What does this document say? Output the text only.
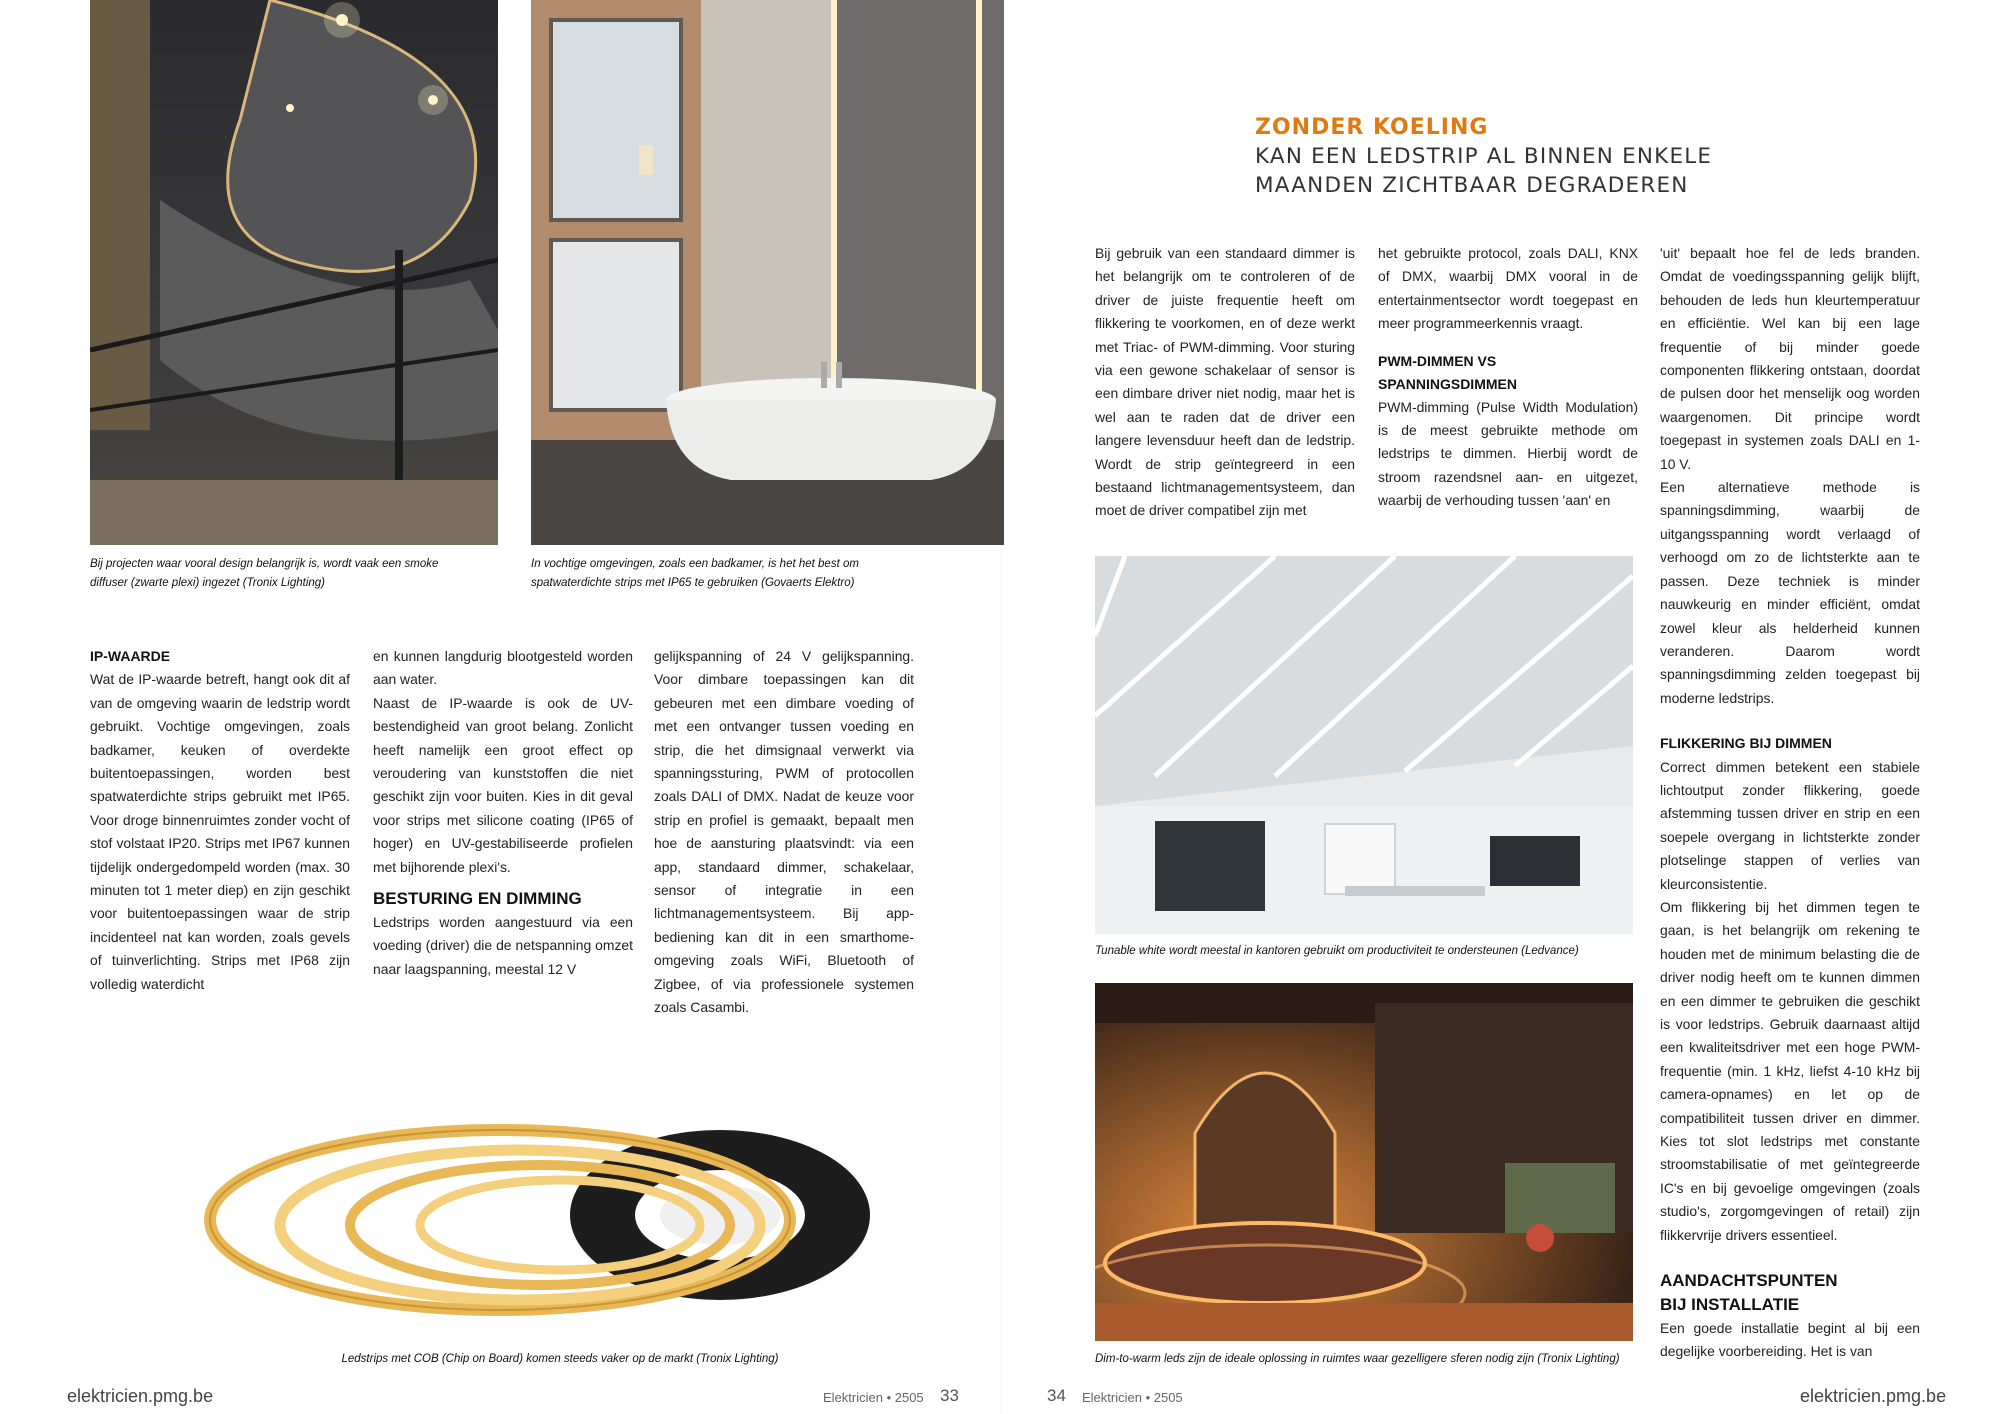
Bij projecten waar vooral design belangrijk is, wordt vaak een smoke diffuser (zwarte plexi) ingezet (Tronix Lighting)
In vochtige omgevingen, zoals een badkamer, is het het best om spatwaterdichte strips met IP65 te gebruiken (Govaerts Elektro)

IP-WAARDE

Wat de IP-waarde betreft, hangt ook dit af van de omgeving waarin de ledstrip wordt gebruikt. Vochtige omgevingen, zoals badkamer, keuken of overdekte buitentoepassingen, worden best spatwaterdichte strips gebruikt met IP65. Voor droge binnenruimtes zonder vocht of stof volstaat IP20. Strips met IP67 kunnen tijdelijk ondergedompeld worden (max. 30 minuten tot 1 meter diep) en zijn geschikt voor buitentoepassingen waar de strip incidenteel nat kan worden, zoals gevels of tuinverlichting. Strips met IP68 zijn volledig waterdicht

en kunnen langdurig blootgesteld worden aan water.

Naast de IP-waarde is ook de UV-bestendigheid van groot belang. Zonlicht heeft namelijk een groot effect op veroudering van kunststoffen die niet geschikt zijn voor buiten. Kies in dit geval voor strips met silicone coating (IP65 of hoger) en UV-gestabiliseerde profielen met bijhorende plexi's.

BESTURING EN DIMMING

Ledstrips worden aangestuurd via een voeding (driver) die de netspanning omzet naar laagspanning, meestal 12 V

gelijkspanning of 24 V gelijkspanning. Voor dimbare toepassingen kan dit gebeuren met een dimbare voeding of met een ontvanger tussen voeding en strip, die het dimsignaal verwerkt via spanningssturing, PWM of protocollen zoals DALI of DMX. Nadat de keuze voor strip en profiel is gemaakt, bepaalt men hoe de aansturing plaatsvindt: via een app, standaard dimmer, schakelaar, sensor of integratie in een lichtmanagementsysteem. Bij app-bediening kan dit in een smarthome-omgeving zoals WiFi, Bluetooth of Zigbee, of via professionele systemen zoals Casambi.

Ledstrips met COB (Chip on Board) komen steeds vaker op de markt (Tronix Lighting)
elektricien.pmg.be	Elektricien • 2505 33
ZONDER KOELING
KAN EEN LEDSTRIP AL BINNEN ENKELE
MAANDEN ZICHTBAAR DEGRADEREN

Bij gebruik van een standaard dimmer is het belangrijk om te controleren of de driver de juiste frequentie heeft om flikkering te voorkomen, en of deze werkt met Triac- of PWM-dimming. Voor sturing via een gewone schakelaar of sensor is een dimbare driver niet nodig, maar het is wel aan te raden dat de driver een langere levensduur heeft dan de ledstrip. Wordt de strip geïntegreerd in een bestaand lichtmanagementsysteem, dan moet de driver compatibel zijn met

het gebruikte protocol, zoals DALI, KNX of DMX, waarbij DMX vooral in de entertainmentsector wordt toegepast en meer programmeerkennis vraagt.

PWM-DIMMEN VS SPANNINGSDIMMEN

PWM-dimming (Pulse Width Modulation) is de meest gebruikte methode om ledstrips te dimmen. Hierbij wordt de stroom razendsnel aan- en uitgezet, waarbij de verhouding tussen 'aan' en

Tunable white wordt meestal in kantoren gebruikt om productiviteit te ondersteunen (Ledvance)
Dim-to-warm leds zijn de ideale oplossing in ruimtes waar gezelligere sferen nodig zijn (Tronix Lighting)

'uit' bepaalt hoe fel de leds branden. Omdat de voedingsspanning gelijk blijft, behouden de leds hun kleurtemperatuur en efficiëntie. Wel kan bij een lage frequentie of bij minder goede componenten flikkering ontstaan, doordat de pulsen door het menselijk oog worden waargenomen. Dit principe wordt toegepast in systemen zoals DALI en 1-10 V.

Een alternatieve methode is spanningsdimming, waarbij de uitgangsspanning wordt verlaagd of verhoogd om zo de lichtsterkte aan te passen. Deze techniek is minder nauwkeurig en minder efficiënt, omdat zowel kleur als helderheid kunnen veranderen. Daarom wordt spanningsdimming zelden toegepast bij moderne ledstrips.

FLIKKERING BIJ DIMMEN

Correct dimmen betekent een stabiele lichtoutput zonder flikkering, goede afstemming tussen driver en strip en een soepele overgang in lichtsterkte zonder plotselinge stappen of verlies van kleurconsistentie.

Om flikkering bij het dimmen tegen te gaan, is het belangrijk om rekening te houden met de minimum belasting die de driver nodig heeft om te kunnen dimmen en een dimmer te gebruiken die geschikt is voor ledstrips. Gebruik daarnaast altijd een kwaliteitsdriver met een hoge PWM-frequentie (min. 1 kHz, liefst 4-10 kHz bij camera-opnames) en let op de compatibiliteit tussen driver en dimmer. Kies tot slot ledstrips met constante stroomstabilisatie of met geïntegreerde IC's en bij gevoelige omgevingen (zoals studio's, zorgomgevingen of retail) zijn flikkervrije drivers essentieel.

AANDACHTSPUNTEN BIJ INSTALLATIE

Een goede installatie begint al bij een degelijke voorbereiding. Het is van

34 Elektricien • 2505	elektricien.pmg.be
